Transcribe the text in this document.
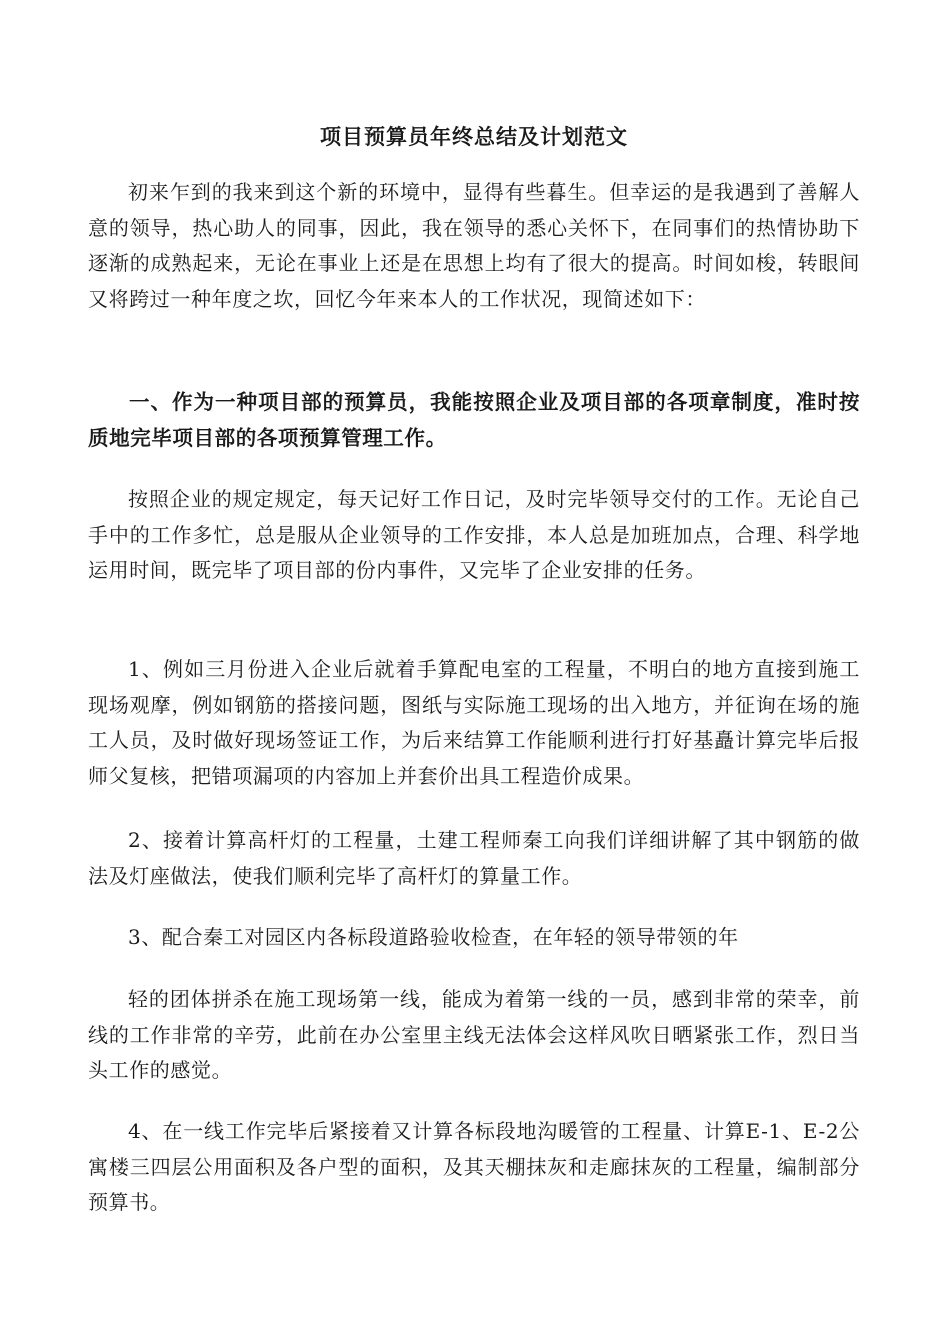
项目预算员年终总结及计划范文

初来乍到的我来到这个新的环境中，显得有些暮生。但幸运的是我遇到了善解人意的领导，热心助人的同事，因此，我在领导的悉心关怀下，在同事们的热情协助下逐渐的成熟起来，无论在事业上还是在思想上均有了很大的提高。时间如梭，转眼间又将跨过一种年度之坎，回忆今年来本人的工作状况，现简述如下：

一、作为一种项目部的预算员，我能按照企业及项目部的各项章制度，准时按质地完毕项目部的各项预算管理工作。

按照企业的规定规定，每天记好工作日记，及时完毕领导交付的工作。无论自己手中的工作多忙，总是服从企业领导的工作安排，本人总是加班加点，合理、科学地运用时间，既完毕了项目部的份内事件，又完毕了企业安排的任务。

1、例如三月份进入企业后就着手算配电室的工程量，不明白的地方直接到施工现场观摩，例如钢筋的搭接问题，图纸与实际施工现场的出入地方，并征询在场的施工人员，及时做好现场签证工作，为后来结算工作能顺利进行打好基矗计算完毕后报师父复核，把错项漏项的内容加上并套价出具工程造价成果。

2、接着计算高杆灯的工程量，土建工程师秦工向我们详细讲解了其中钢筋的做法及灯座做法，使我们顺利完毕了高杆灯的算量工作。

3、配合秦工对园区内各标段道路验收检查，在年轻的领导带领的年

轻的团体拼杀在施工现场第一线，能成为着第一线的一员，感到非常的荣幸，前线的工作非常的辛劳，此前在办公室里主线无法体会这样风吹日晒紧张工作，烈日当头工作的感觉。

4、在一线工作完毕后紧接着又计算各标段地沟暖管的工程量、计算E-1、E-2公寓楼三四层公用面积及各户型的面积，及其天棚抹灰和走廊抹灰的工程量，编制部分预算书。
